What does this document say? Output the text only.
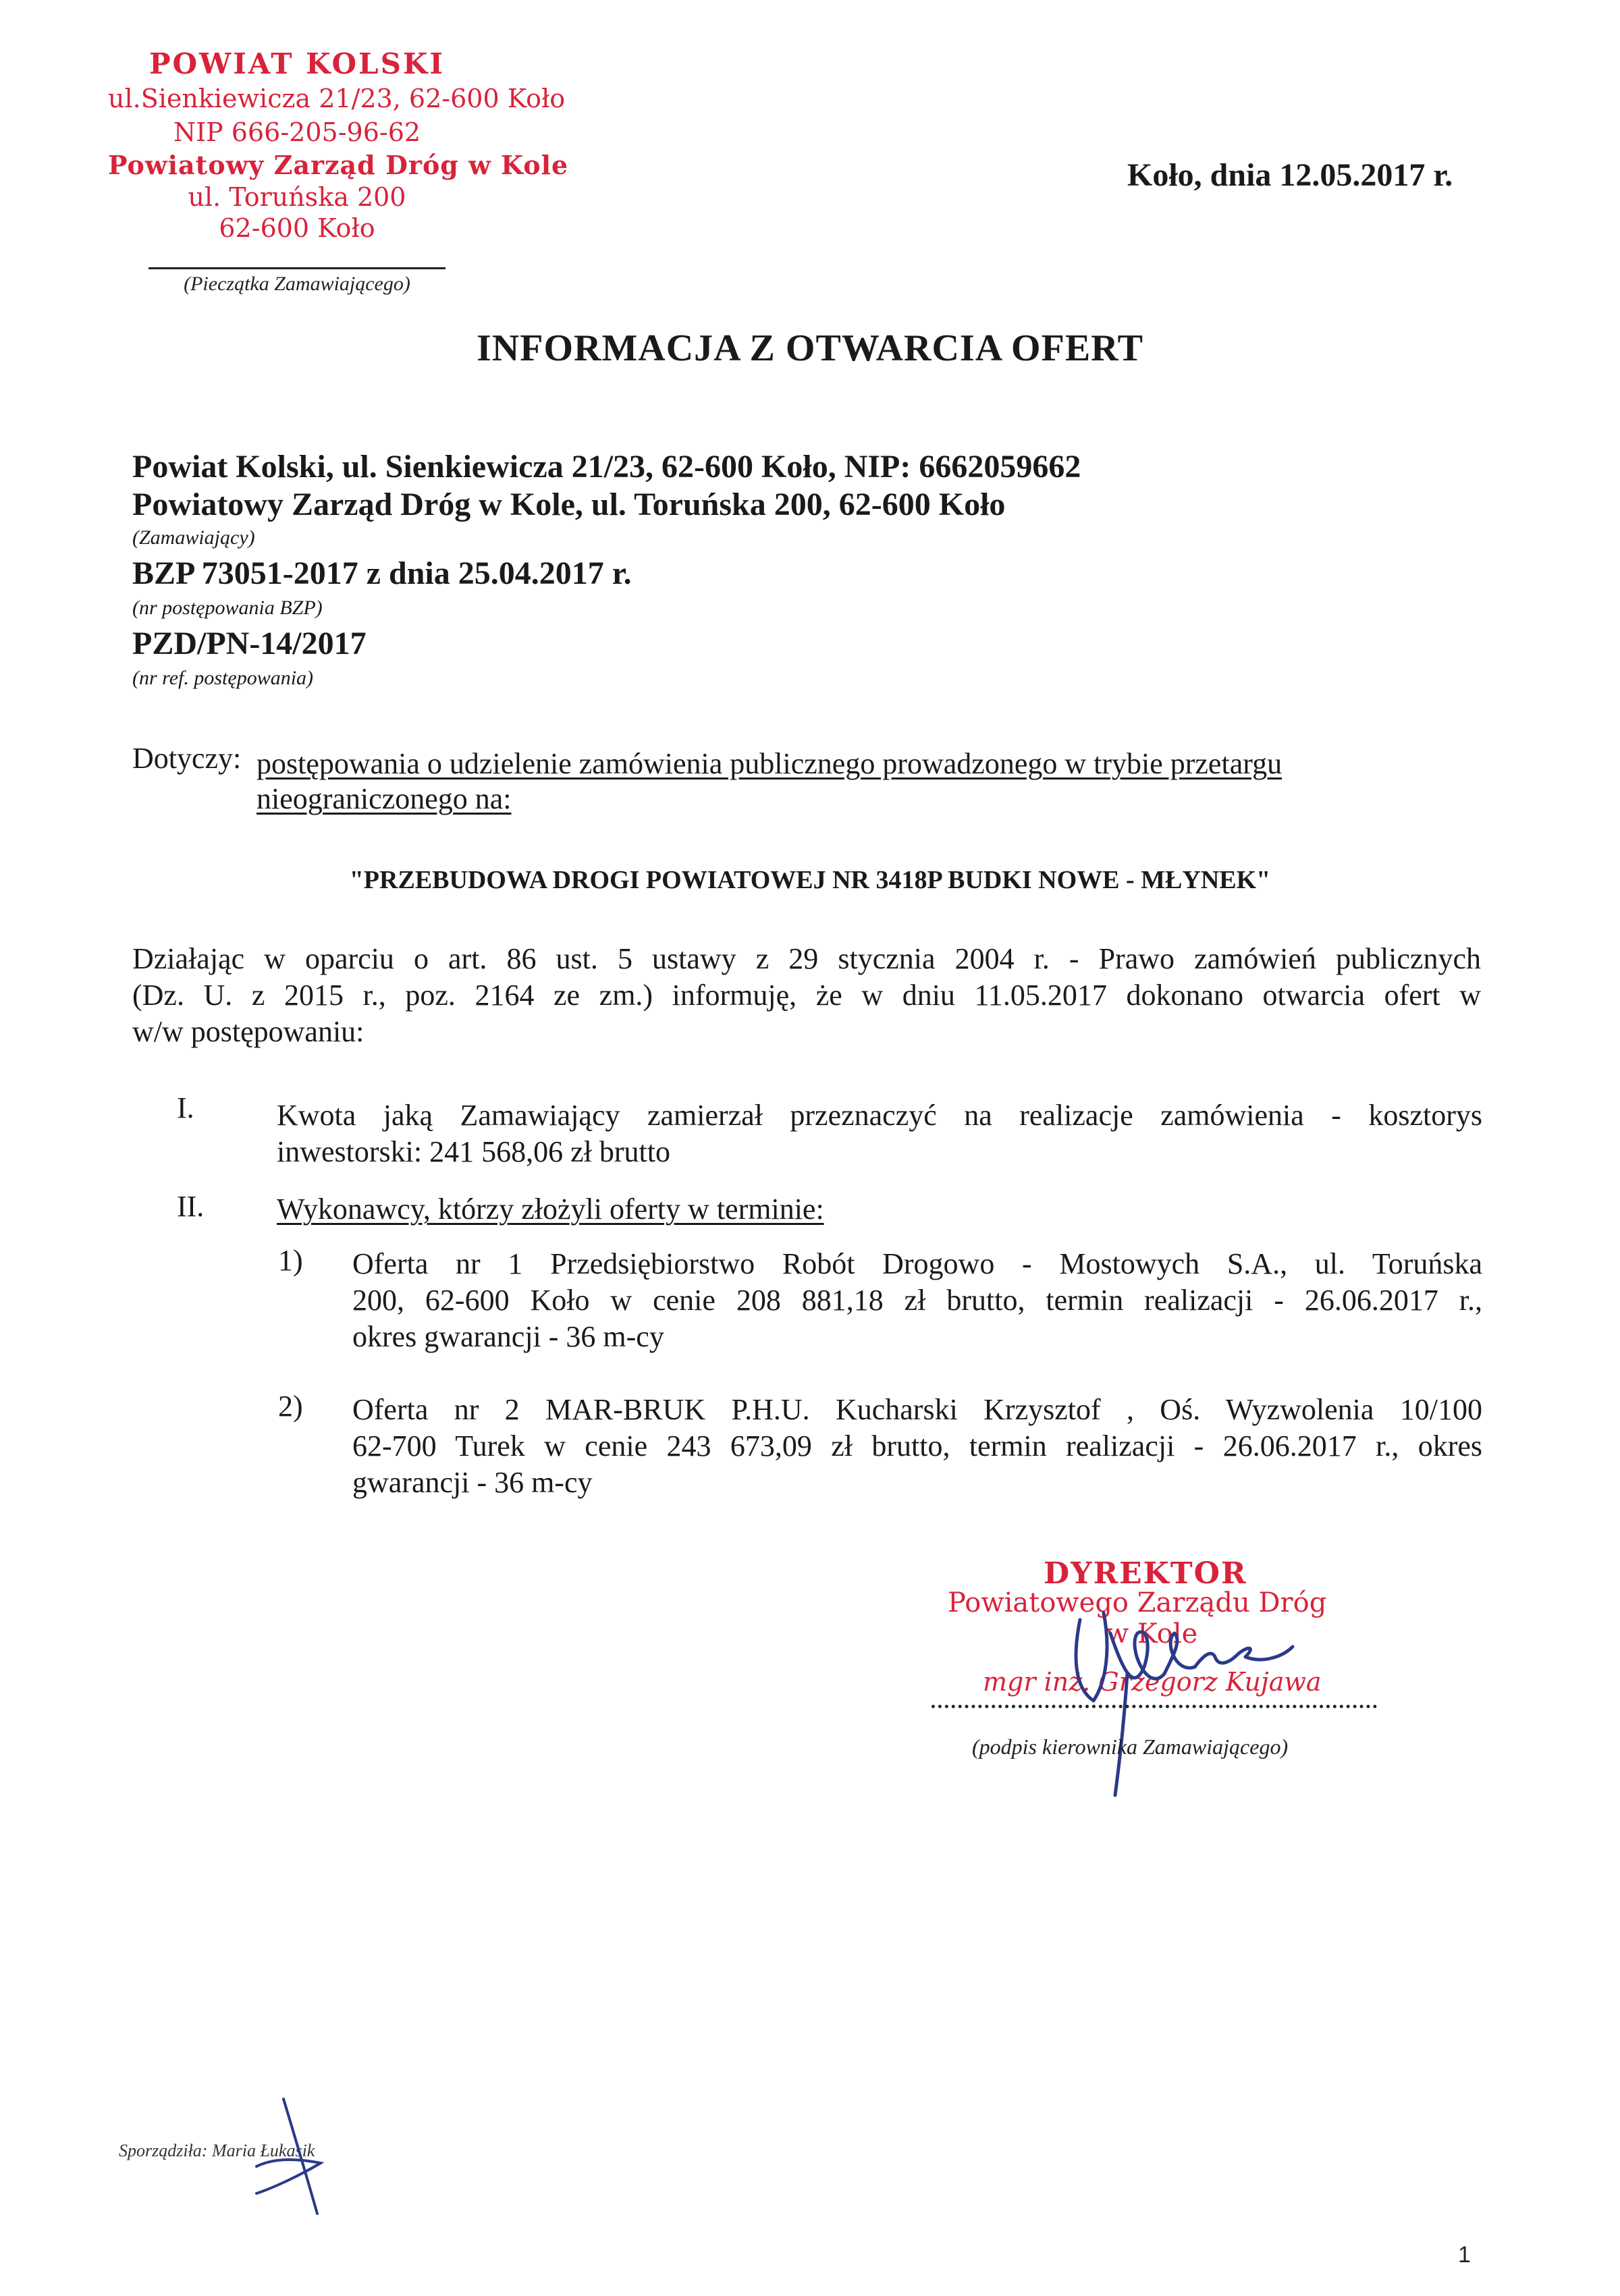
POWIAT KOLSKI
ul.Sienkiewicza 21/23, 62-600 Koło
NIP 666-205-96-62
Powiatowy Zarząd Dróg w Kole
ul. Toruńska 200
62-600 Koło
(Pieczątka Zamawiającego)
Koło, dnia 12.05.2017 r.
INFORMACJA Z OTWARCIA OFERT
Powiat Kolski, ul. Sienkiewicza 21/23, 62-600 Koło, NIP: 6662059662
Powiatowy Zarząd Dróg w Kole, ul. Toruńska 200, 62-600 Koło
(Zamawiający)
BZP 73051-2017 z dnia 25.04.2017 r.
(nr postępowania BZP)
PZD/PN-14/2017
(nr ref. postępowania)
Dotyczy: postępowania o udzielenie zamówienia publicznego prowadzonego w trybie przetargu
nieograniczonego na:
"PRZEBUDOWA DROGI POWIATOWEJ NR 3418P BUDKI NOWE - MŁYNEK"
Działając w oparciu o art. 86 ust. 5 ustawy z 29 stycznia 2004 r. - Prawo zamówień publicznych
(Dz. U. z 2015 r., poz. 2164 ze zm.) informuję, że w dniu 11.05.2017 dokonano otwarcia ofert w
w/w postępowaniu:
I.	Kwota jaką Zamawiający zamierzał przeznaczyć na realizacje zamówienia - kosztorys
inwestorski: 241 568,06 zł brutto
II. Wykonawcy, którzy złożyli oferty w terminie:
1) Oferta nr 1 Przedsiębiorstwo Robót Drogowo - Mostowych S.A., ul. Toruńska
200, 62-600 Koło w cenie 208 881,18 zł brutto, termin realizacji - 26.06.2017 r.,
okres gwarancji - 36 m-cy
2) Oferta nr 2 MAR-BRUK P.H.U. Kucharski Krzysztof , Oś. Wyzwolenia 10/100
62-700 Turek w cenie 243 673,09 zł brutto, termin realizacji - 26.06.2017 r., okres
gwarancji - 36 m-cy
DYREKTOR
Powiatowego Zarządu Dróg
w Kole
mgr inż. Grzegorz Kujawa
(podpis kierownika Zamawiającego)
Sporządziła: Maria Łukasik
1
